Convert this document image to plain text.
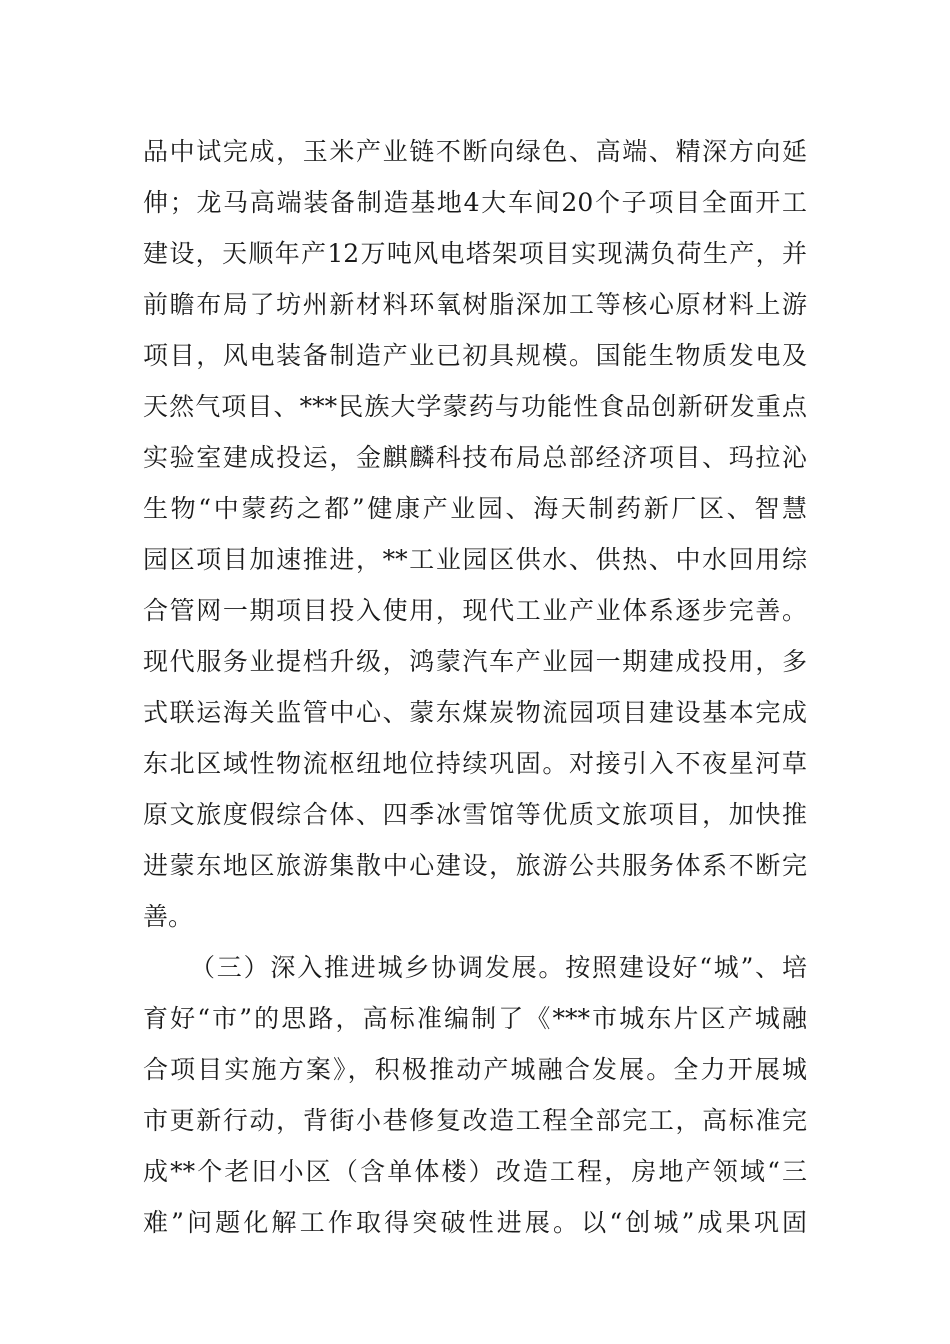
品中试完成，玉米产业链不断向绿色、高端、精深方向延
伸；龙马高端装备制造基地4大车间20个子项目全面开工
建设，天顺年产12万吨风电塔架项目实现满负荷生产，并
前瞻布局了坊州新材料环氧树脂深加工等核心原材料上游
项目，风电装备制造产业已初具规模。国能生物质发电及
天然气项目、***民族大学蒙药与功能性食品创新研发重点
实验室建成投运，金麒麟科技布局总部经济项目、玛拉沁
生物“中蒙药之都”健康产业园、海天制药新厂区、智慧
园区项目加速推进，**工业园区供水、供热、中水回用综
合管网一期项目投入使用，现代工业产业体系逐步完善。
现代服务业提档升级，鸿蒙汽车产业园一期建成投用，多
式联运海关监管中心、蒙东煤炭物流园项目建设基本完成
东北区域性物流枢纽地位持续巩固。对接引入不夜星河草
原文旅度假综合体、四季冰雪馆等优质文旅项目，加快推
进蒙东地区旅游集散中心建设，旅游公共服务体系不断完
善。
（三）深入推进城乡协调发展。按照建设好“城”、培
育好“市”的思路，高标准编制了《***市城东片区产城融
合项目实施方案》，积极推动产城融合发展。全力开展城
市更新行动，背街小巷修复改造工程全部完工，高标准完
成**个老旧小区（含单体楼）改造工程，房地产领域“三
难”问题化解工作取得突破性进展。以“创城”成果巩固
